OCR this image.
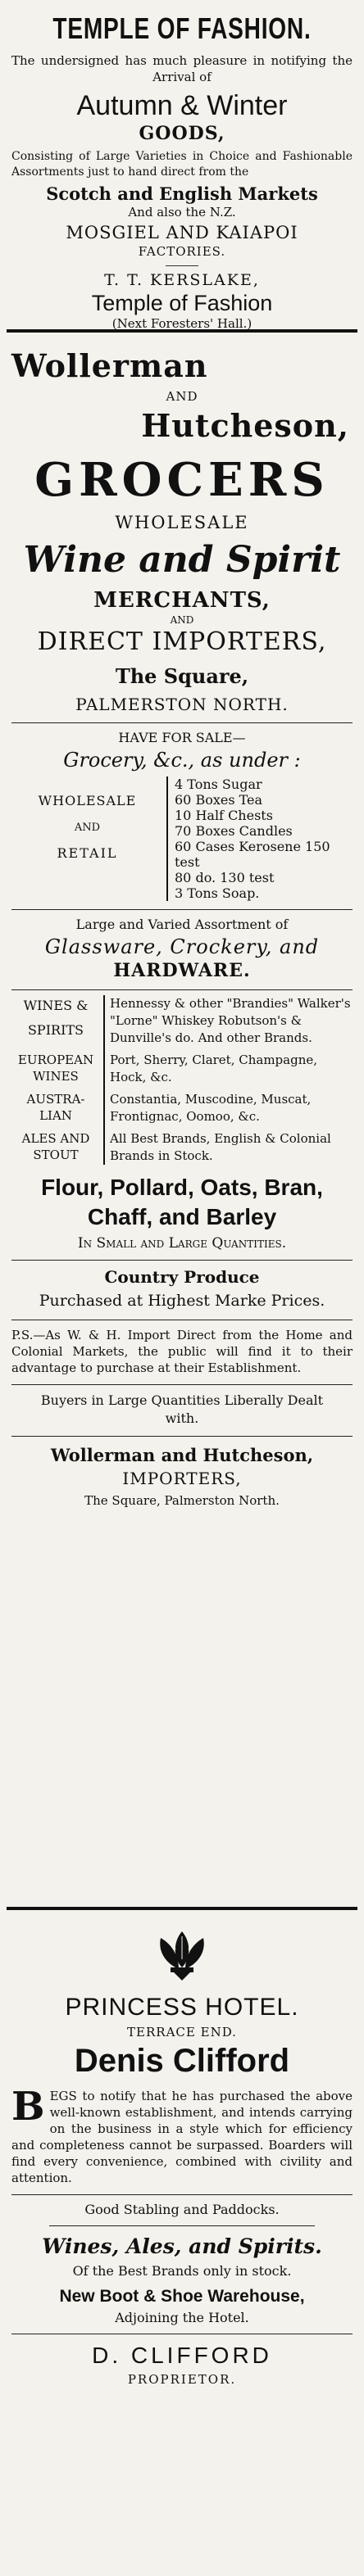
TEMPLE OF FASHION.
The undersigned has much pleasure in notifying the Arrival of
Autumn & Winter
GOODS,
Consisting of Large Varieties in Choice and Fashionable Assortments just to hand direct from the
Scotch and English Markets
And also the N.Z.
MOSGIEL AND KAIAPOI
FACTORIES.
T. T. KERSLAKE,
Temple of Fashion
(Next Foresters' Hall.)
Wollerman
AND
Hutcheson,
GROCERS
WHOLESALE
Wine and Spirit
MERCHANTS,
AND
DIRECT IMPORTERS,
The Square,
PALMERSTON NORTH.
HAVE FOR SALE—
Grocery, &c., as under :
WHOLESALE
AND
RETAIL

4 Tons Sugar
60 Boxes Tea
10 Half Chests
70 Boxes Candles
60 Cases Kerosene 150 test
80 do. 130 test
3 Tons Soap.
Large and Varied Assortment of
Glassware, Crockery, and
HARDWARE.
WINES &
SPIRITS	Hennessy & other "Brandies" Walker's "Lorne" Whiskey Robutson's & Dunville's do. And other Brands.

EUROPEAN
WINES	Port, Sherry, Claret, Champagne, Hock, &c.

AUSTRA-
LIAN	Constantia, Muscodine, Muscat, Frontignac, Oomoo, &c.

ALES AND
STOUT	All Best Brands, English & Colonial Brands in Stock.
Flour, Pollard, Oats, Bran, Chaff, and Barley
In Small and Large Quantities.
Country Produce
Purchased at Highest Marke Prices.
P.S.—As W. & H. Import Direct from the Home and Colonial Markets, the public will find it to their advantage to purchase at their Establishment.
Buyers in Large Quantities Liberally Dealt with.
Wollerman and Hutcheson,
IMPORTERS,
The Square, Palmerston North.
PRINCESS HOTEL.
TERRACE END.
Denis Clifford
B EGS to notify that he has purchased the above well-known establishment, and intends carrying on the business in a style which for efficiency and completeness cannot be surpassed. Boarders will find every convenience, combined with civility and attention.
Good Stabling and Paddocks.
Wines, Ales, and Spirits.
Of the Best Brands only in stock.
New Boot & Shoe Warehouse,
Adjoining the Hotel.
D. CLIFFORD
PROPRIETOR.
